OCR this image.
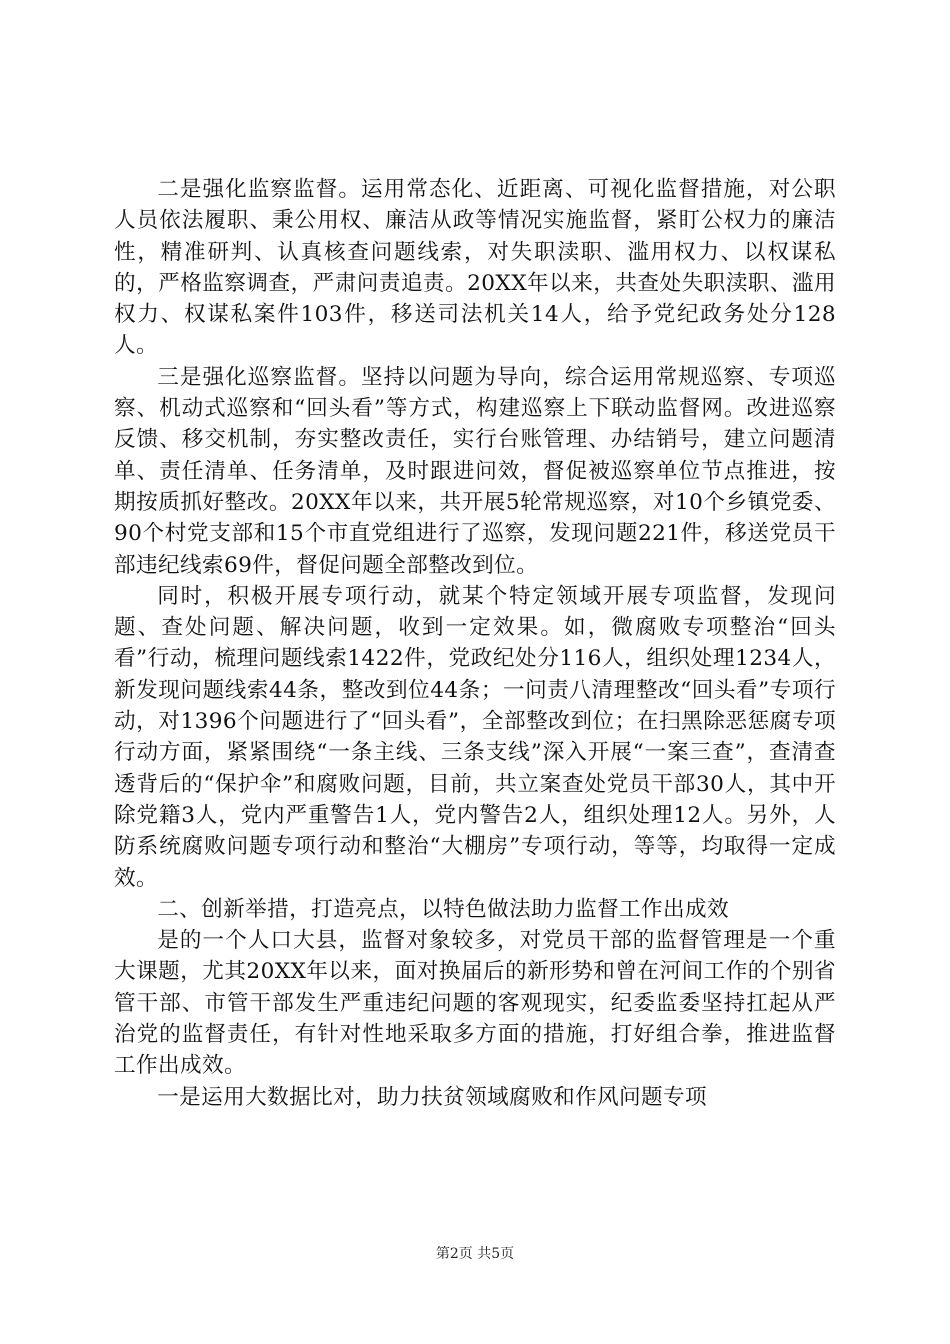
二是强化监察监督。运用常态化、近距离、可视化监督措施，对公职人员依法履职、秉公用权、廉洁从政等情况实施监督，紧盯公权力的廉洁性，精准研判、认真核查问题线索，对失职渎职、滥用权力、以权谋私的，严格监察调查，严肃问责追责。20XX年以来，共查处失职渎职、滥用权力、权谋私案件103件，移送司法机关14人，给予党纪政务处分128人。

三是强化巡察监督。坚持以问题为导向，综合运用常规巡察、专项巡察、机动式巡察和“回头看”等方式，构建巡察上下联动监督网。改进巡察反馈、移交机制，夯实整改责任，实行台账管理、办结销号，建立问题清单、责任清单、任务清单，及时跟进问效，督促被巡察单位节点推进，按期按质抓好整改。20XX年以来，共开展5轮常规巡察，对10个乡镇党委、90个村党支部和15个市直党组进行了巡察，发现问题221件，移送党员干部违纪线索69件，督促问题全部整改到位。

同时，积极开展专项行动，就某个特定领域开展专项监督，发现问题、查处问题、解决问题，收到一定效果。如，微腐败专项整治“回头看”行动，梳理问题线索1422件，党政纪处分116人，组织处理1234人，新发现问题线索44条，整改到位44条；一问责八清理整改“回头看”专项行动，对1396个问题进行了“回头看”，全部整改到位；在扫黑除恶惩腐专项行动方面，紧紧围绕“一条主线、三条支线”深入开展“一案三查”，查清查透背后的“保护伞”和腐败问题，目前，共立案查处党员干部30人，其中开除党籍3人，党内严重警告1人，党内警告2人，组织处理12人。另外，人防系统腐败问题专项行动和整治“大棚房”专项行动，等等，均取得一定成效。

二、创新举措，打造亮点，以特色做法助力监督工作出成效

是的一个人口大县，监督对象较多，对党员干部的监督管理是一个重大课题，尤其20XX年以来，面对换届后的新形势和曾在河间工作的个别省管干部、市管干部发生严重违纪问题的客观现实，纪委监委坚持扛起从严治党的监督责任，有针对性地采取多方面的措施，打好组合拳，推进监督工作出成效。

一是运用大数据比对，助力扶贫领域腐败和作风问题专项

第2页 共5页
